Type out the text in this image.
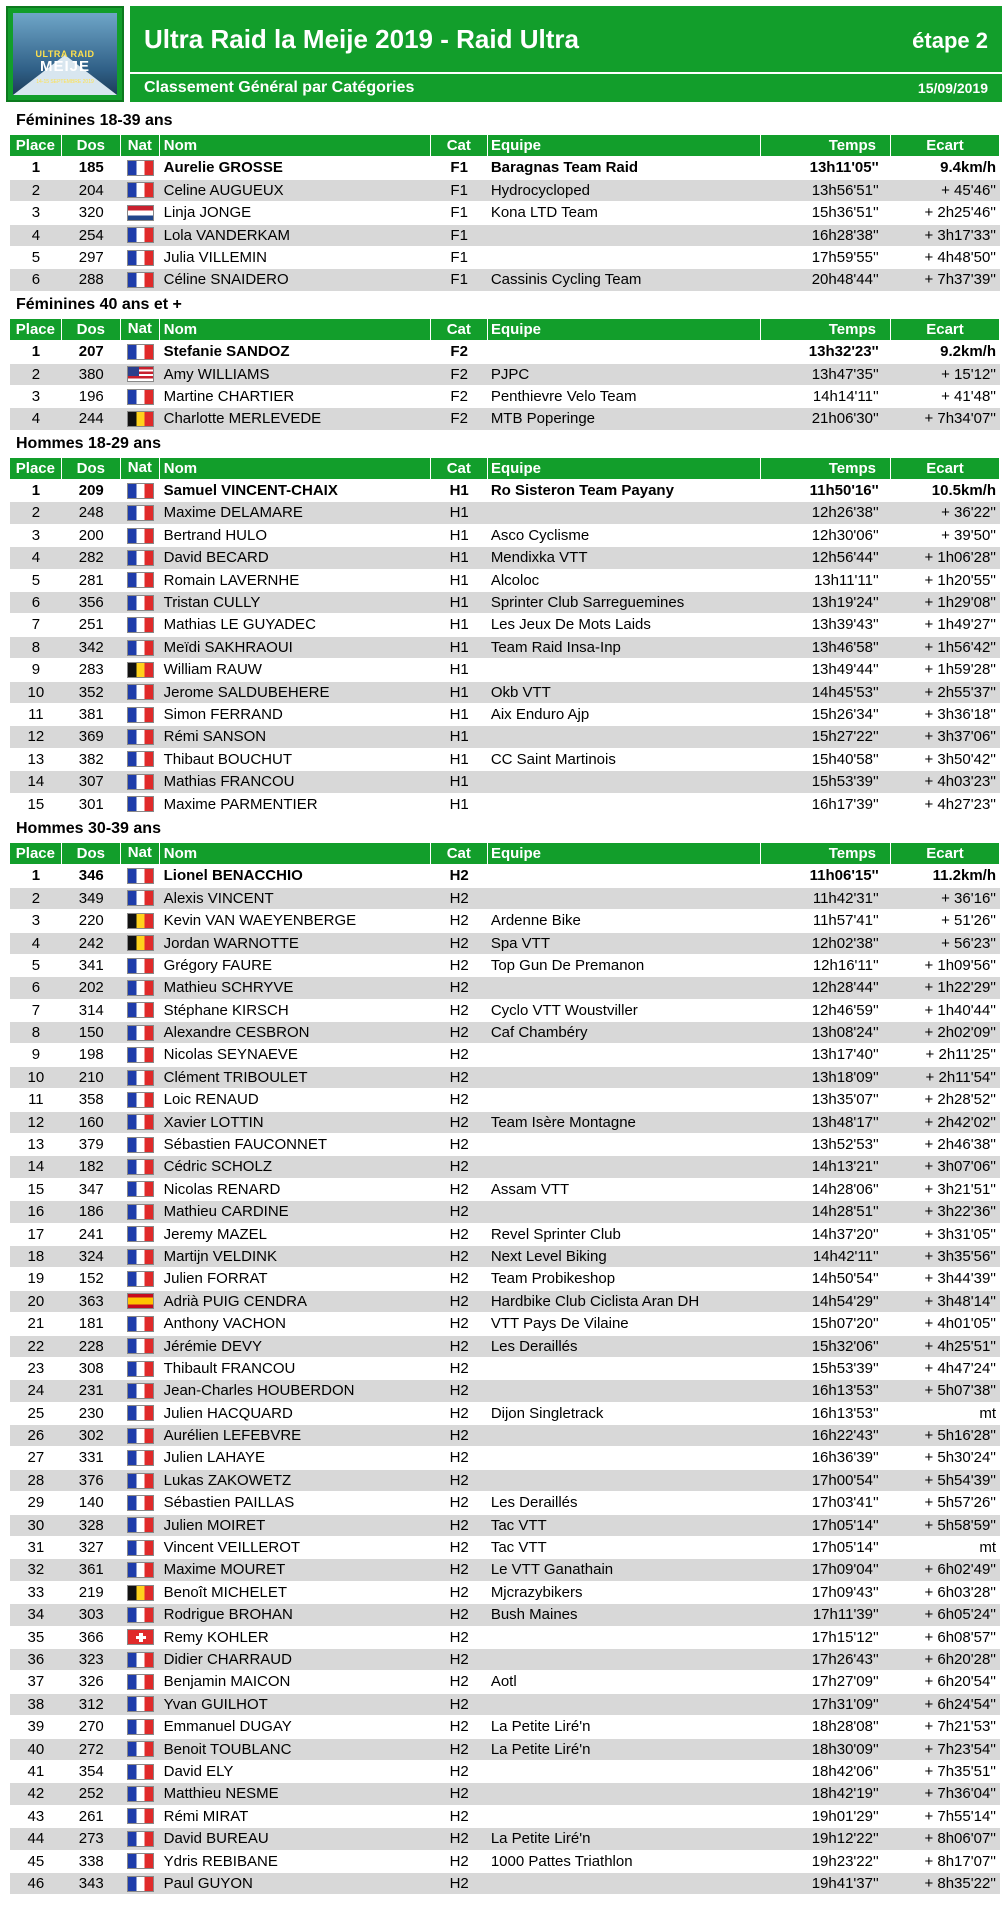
ULTRA RAID
MEIJE
14-15 SEPTEMBRE 2019
Ultra Raid la Meije 2019 - Raid Ultra	étape 2
Classement Général par Catégories	15/09/2019
Féminines 18-39 ans
Place	Dos	Nat Nom	Cat	Equipe	Temps	Ecart
1	185	Aurelie GROSSE	F1	Baragnas Team Raid	13h11'05''	9.4km/h
2	204	Celine AUGUEUX	F1	Hydrocycloped	13h56'51''	+ 45'46''
3	320	Linja JONGE	F1	Kona LTD Team	15h36'51''	+ 2h25'46''
4	254	Lola VANDERKAM	F1	16h28'38''	+ 3h17'33''
5	297	Julia VILLEMIN	F1	17h59'55''	+ 4h48'50''
6	288	Céline SNAIDERO	F1	Cassinis Cycling Team	20h48'44''	+ 7h37'39''
Féminines 40 ans et +
Place	Dos	Nat Nom	Cat	Equipe	Temps	Ecart
1	207	Stefanie SANDOZ	F2	13h32'23''	9.2km/h
2	380	Amy WILLIAMS	F2	PJPC	13h47'35''	+ 15'12''
3	196	Martine CHARTIER	F2	Penthievre Velo Team	14h14'11''	+ 41'48''
4	244	Charlotte MERLEVEDE	F2	MTB Poperinge	21h06'30''	+ 7h34'07''
Hommes 18-29 ans
Place	Dos	Nat Nom	Cat	Equipe	Temps	Ecart
1	209	Samuel VINCENT-CHAIX	H1	Ro Sisteron Team Payany	11h50'16''	10.5km/h
2	248	Maxime DELAMARE	H1	12h26'38''	+ 36'22''
3	200	Bertrand HULO	H1	Asco Cyclisme	12h30'06''	+ 39'50''
4	282	David BECARD	H1	Mendixka VTT	12h56'44''	+ 1h06'28''
5	281	Romain LAVERNHE	H1	Alcoloc	13h11'11''	+ 1h20'55''
6	356	Tristan CULLY	H1	Sprinter Club Sarreguemines	13h19'24''	+ 1h29'08''
7	251	Mathias LE GUYADEC	H1	Les Jeux De Mots Laids	13h39'43''	+ 1h49'27''
8	342	Meïdi SAKHRAOUI	H1	Team Raid Insa-Inp	13h46'58''	+ 1h56'42''
9	283	William RAUW	H1	13h49'44''	+ 1h59'28''
10	352	Jerome SALDUBEHERE	H1	Okb VTT	14h45'53''	+ 2h55'37''
11	381	Simon FERRAND	H1	Aix Enduro Ajp	15h26'34''	+ 3h36'18''
12	369	Rémi SANSON	H1	15h27'22''	+ 3h37'06''
13	382	Thibaut BOUCHUT	H1	CC Saint Martinois	15h40'58''	+ 3h50'42''
14	307	Mathias FRANCOU	H1	15h53'39''	+ 4h03'23''
15	301	Maxime PARMENTIER	H1	16h17'39''	+ 4h27'23''
Hommes 30-39 ans
Place	Dos	Nat Nom	Cat	Equipe	Temps	Ecart
1	346	Lionel BENACCHIO	H2	11h06'15''	11.2km/h
2	349	Alexis VINCENT	H2	11h42'31''	+ 36'16''
3	220	Kevin VAN WAEYENBERGE	H2	Ardenne Bike	11h57'41''	+ 51'26''
4	242	Jordan WARNOTTE	H2	Spa VTT	12h02'38''	+ 56'23''
5	341	Grégory FAURE	H2	Top Gun De Premanon	12h16'11''	+ 1h09'56''
6	202	Mathieu SCHRYVE	H2	12h28'44''	+ 1h22'29''
7	314	Stéphane KIRSCH	H2	Cyclo VTT Woustviller	12h46'59''	+ 1h40'44''
8	150	Alexandre CESBRON	H2	Caf Chambéry	13h08'24''	+ 2h02'09''
9	198	Nicolas SEYNAEVE	H2	13h17'40''	+ 2h11'25''
10	210	Clément TRIBOULET	H2	13h18'09''	+ 2h11'54''
11	358	Loic RENAUD	H2	13h35'07''	+ 2h28'52''
12	160	Xavier LOTTIN	H2	Team Isère Montagne	13h48'17''	+ 2h42'02''
13	379	Sébastien FAUCONNET	H2	13h52'53''	+ 2h46'38''
14	182	Cédric SCHOLZ	H2	14h13'21''	+ 3h07'06''
15	347	Nicolas RENARD	H2	Assam VTT	14h28'06''	+ 3h21'51''
16	186	Mathieu CARDINE	H2	14h28'51''	+ 3h22'36''
17	241	Jeremy MAZEL	H2	Revel Sprinter Club	14h37'20''	+ 3h31'05''
18	324	Martijn VELDINK	H2	Next Level Biking	14h42'11''	+ 3h35'56''
19	152	Julien FORRAT	H2	Team Probikeshop	14h50'54''	+ 3h44'39''
20	363	Adrià PUIG CENDRA	H2	Hardbike Club Ciclista Aran DH	14h54'29''	+ 3h48'14''
21	181	Anthony VACHON	H2	VTT Pays De Vilaine	15h07'20''	+ 4h01'05''
22	228	Jérémie DEVY	H2	Les Deraillés	15h32'06''	+ 4h25'51''
23	308	Thibault FRANCOU	H2	15h53'39''	+ 4h47'24''
24	231	Jean-Charles HOUBERDON	H2	16h13'53''	+ 5h07'38''
25	230	Julien HACQUARD	H2	Dijon Singletrack	16h13'53''	mt
26	302	Aurélien LEFEBVRE	H2	16h22'43''	+ 5h16'28''
27	331	Julien LAHAYE	H2	16h36'39''	+ 5h30'24''
28	376	Lukas ZAKOWETZ	H2	17h00'54''	+ 5h54'39''
29	140	Sébastien PAILLAS	H2	Les Deraillés	17h03'41''	+ 5h57'26''
30	328	Julien MOIRET	H2	Tac VTT	17h05'14''	+ 5h58'59''
31	327	Vincent VEILLEROT	H2	Tac VTT	17h05'14''	mt
32	361	Maxime MOURET	H2	Le VTT Ganathain	17h09'04''	+ 6h02'49''
33	219	Benoît MICHELET	H2	Mjcrazybikers	17h09'43''	+ 6h03'28''
34	303	Rodrigue BROHAN	H2	Bush Maines	17h11'39''	+ 6h05'24''
35	366	Remy KOHLER	H2	17h15'12''	+ 6h08'57''
36	323	Didier CHARRAUD	H2	17h26'43''	+ 6h20'28''
37	326	Benjamin MAICON	H2	Aotl	17h27'09''	+ 6h20'54''
38	312	Yvan GUILHOT	H2	17h31'09''	+ 6h24'54''
39	270	Emmanuel DUGAY	H2	La Petite Liré'n	18h28'08''	+ 7h21'53''
40	272	Benoit TOUBLANC	H2	La Petite Liré'n	18h30'09''	+ 7h23'54''
41	354	David ELY	H2	18h42'06''	+ 7h35'51''
42	252	Matthieu NESME	H2	18h42'19''	+ 7h36'04''
43	261	Rémi MIRAT	H2	19h01'29''	+ 7h55'14''
44	273	David BUREAU	H2	La Petite Liré'n	19h12'22''	+ 8h06'07''
45	338	Ydris REBIBANE	H2	1000 Pattes Triathlon	19h23'22''	+ 8h17'07''
46	343	Paul GUYON	H2	19h41'37''	+ 8h35'22''
